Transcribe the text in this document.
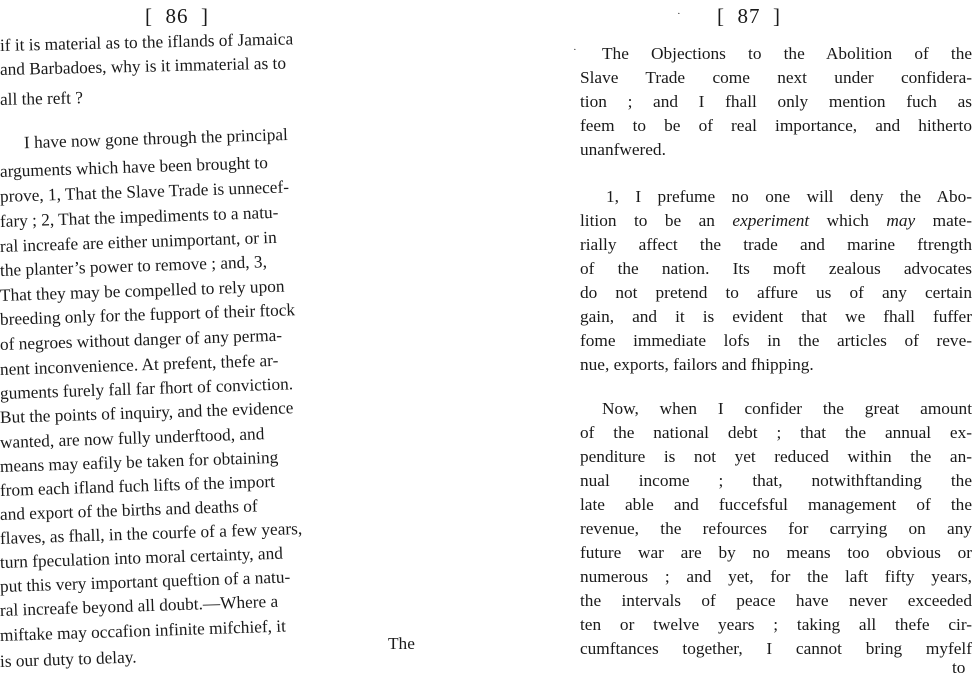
[  86  ]
if it is material as to the iflands of Jamaica
and Barbadoes, why is it immaterial as to
all the reft ?
I have now gone through the principal
arguments which have been brought to
prove, 1, That the Slave Trade is unnecef-
fary ; 2, That the impediments to a natu-
ral increafe are either unimportant, or in
the planter’s power to remove ; and, 3,
That they may be compelled to rely upon
breeding only for the fupport of their ftock
of negroes without danger of any perma-
nent inconvenience. At prefent, thefe ar-
guments furely fall far fhort of conviction.
But the points of inquiry, and the evidence
wanted, are now fully underftood, and
means may eafily be taken for obtaining
from each ifland fuch lifts of the import
and export of the births and deaths of
flaves, as fhall, in the courfe of a few years,
turn fpeculation into moral certainty, and
put this very important queftion of a natu-
ral increafe beyond all doubt.—Where a
miftake may occafion infinite mifchief, it
is our duty to delay.
The
·
· [  87  ]
The Objections to the Abolition of the
Slave Trade come next under confidera-
tion ; and I fhall only mention fuch as
feem to be of real importance, and hitherto
unanfwered.
1, I prefume no one will deny the Abo-
lition to be an experiment which may mate-
rially affect the trade and marine ftrength
of the nation. Its moft zealous advocates
do not pretend to affure us of any certain
gain, and it is evident that we fhall fuffer
fome immediate lofs in the articles of reve-
nue, exports, failors and fhipping.
Now, when I confider the great amount
of the national debt ; that the annual ex-
penditure is not yet reduced within the an-
nual income ; that, notwithftanding the
late able and fuccefsful management of the
revenue, the refources for carrying on any
future war are by no means too obvious or
numerous ; and yet, for the laft fifty years,
the intervals of peace have never exceeded
ten or twelve years ; taking all thefe cir-
cumftances together, I cannot bring myfelf
to
